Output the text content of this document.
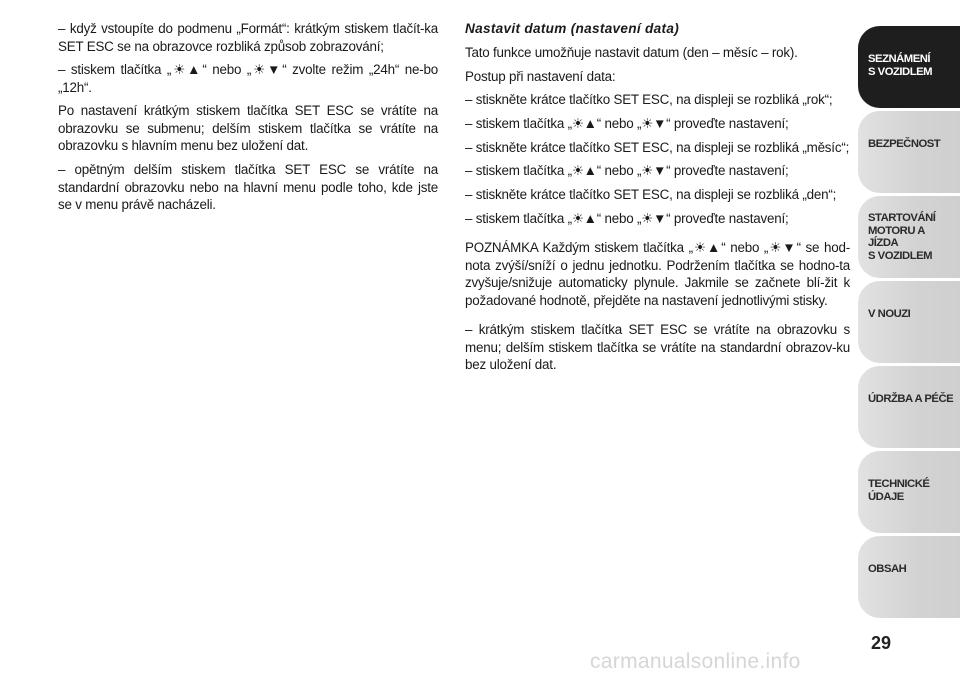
– když vstoupíte do podmenu „Formát“: krátkým stiskem tlačít-ka SET ESC se na obrazovce rozbliká způsob zobrazování;

– stiskem tlačítka „☀▲“ nebo „☀▼“ zvolte režim „24h“ ne-bo „12h“.

Po nastavení krátkým stiskem tlačítka SET ESC se vrátíte na obrazovku se submenu; delším stiskem tlačítka se vrátíte na obrazovku s hlavním menu bez uložení dat.

– opětným delším stiskem tlačítka SET ESC se vrátíte na standardní obrazovku nebo na hlavní menu podle toho, kde jste se v menu právě nacházeli.

Nastavit datum (nastavení data)

Tato funkce umožňuje nastavit datum (den – měsíc – rok).

Postup při nastavení data:

– stiskněte krátce tlačítko SET ESC, na displeji se rozbliká „rok“;

– stiskem tlačítka „☀▲“ nebo „☀▼“ proveďte nastavení;

– stiskněte krátce tlačítko SET ESC, na displeji se rozbliká „měsíc“;

– stiskem tlačítka „☀▲“ nebo „☀▼“ proveďte nastavení;

– stiskněte krátce tlačítko SET ESC, na displeji se rozbliká „den“;

– stiskem tlačítka „☀▲“ nebo „☀▼“ proveďte nastavení;

POZNÁMKA Každým stiskem tlačítka „☀▲“ nebo „☀▼“ se hod-nota zvýší/sníží o jednu jednotku. Podržením tlačítka se hodno-ta zvyšuje/snižuje automaticky plynule. Jakmile se začnete blí-žit k požadované hodnotě, přejděte na nastavení jednotlivými stisky.

– krátkým stiskem tlačítka SET ESC se vrátíte na obrazovku s menu; delším stiskem tlačítka se vrátíte na standardní obrazov-ku bez uložení dat.

SEZNÁMENÍ
S VOZIDLEM
BEZPEČNOST
STARTOVÁNÍ
MOTORU A JÍZDA
S VOZIDLEM
V NOUZI
ÚDRŽBA A PÉČE
TECHNICKÉ
ÚDAJE
OBSAH
29
carmanualsonline.info
